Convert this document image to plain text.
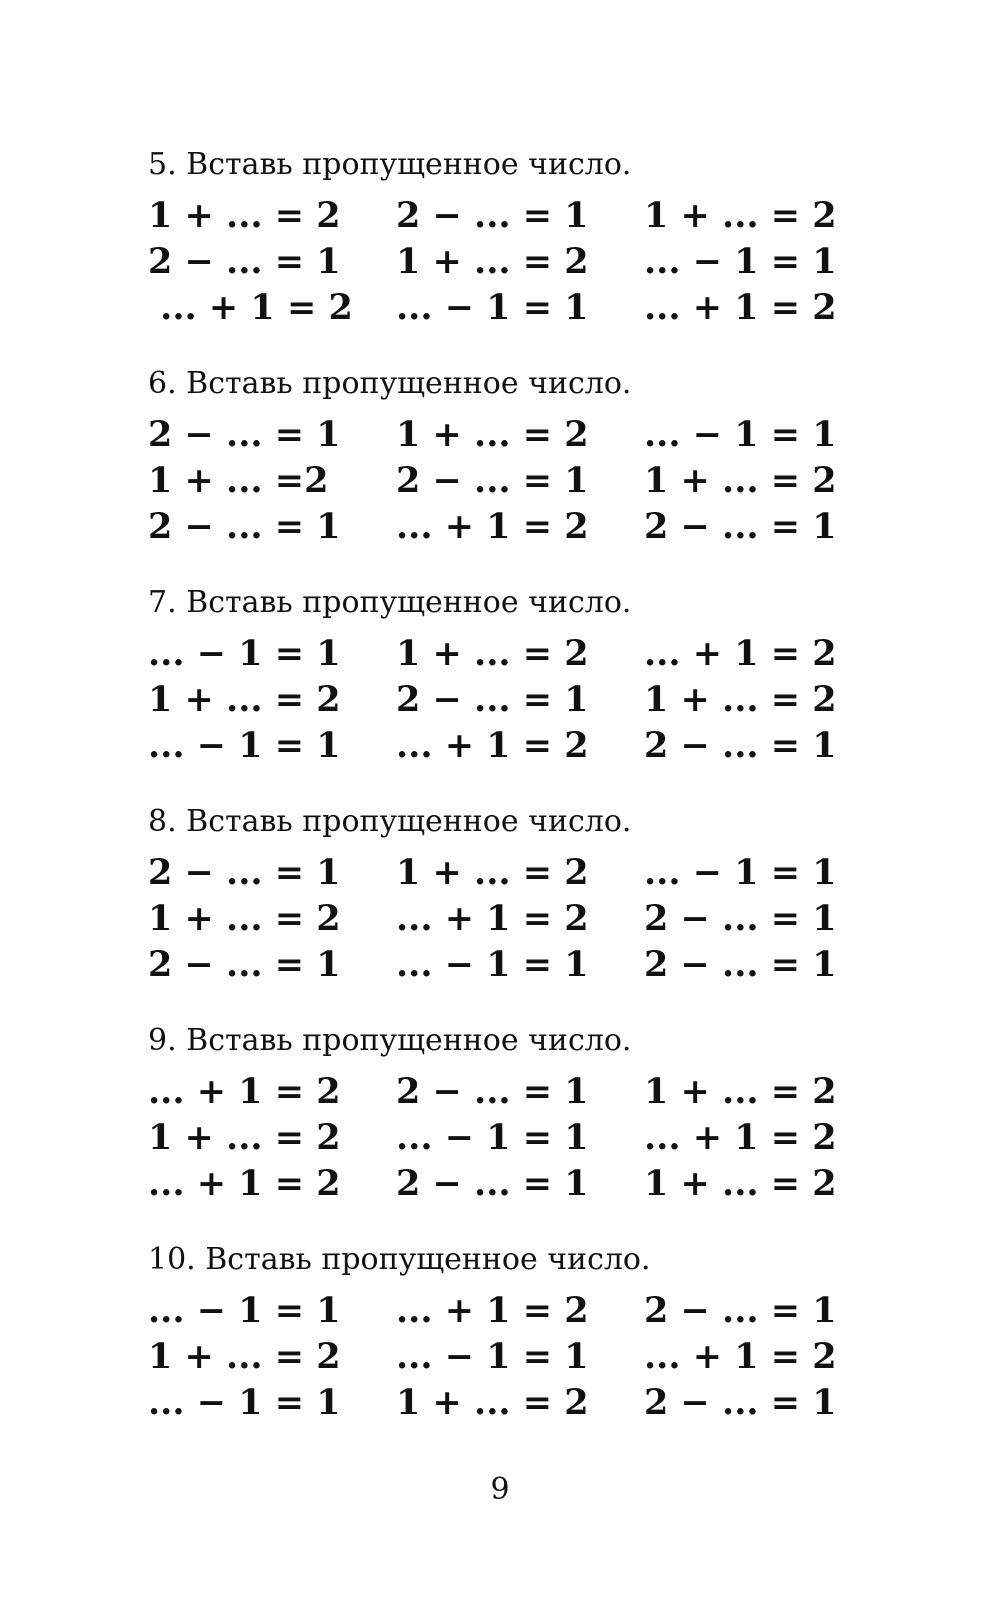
5. Вставь пропущенное число.
1 + ... = 2	2 − ... = 1	1 + ... = 2
2 − ... = 1	1 + ... = 2	... − 1 = 1
... + 1 = 2	... − 1 = 1	... + 1 = 2
6. Вставь пропущенное число.
2 − ... = 1	1 + ... = 2	... − 1 = 1
1 + ... =2	2 − ... = 1	1 + ... = 2
2 − ... = 1	... + 1 = 2	2 − ... = 1
7. Вставь пропущенное число.
... − 1 = 1	1 + ... = 2	... + 1 = 2
1 + ... = 2	2 − ... = 1	1 + ... = 2
... − 1 = 1	... + 1 = 2	2 − ... = 1
8. Вставь пропущенное число.
2 − ... = 1	1 + ... = 2	... − 1 = 1
1 + ... = 2	... + 1 = 2	2 − ... = 1
2 − ... = 1	... − 1 = 1	2 − ... = 1
9. Вставь пропущенное число.
... + 1 = 2	2 − ... = 1	1 + ... = 2
1 + ... = 2	... − 1 = 1	... + 1 = 2
... + 1 = 2	2 − ... = 1	1 + ... = 2
10. Вставь пропущенное число.
... − 1 = 1	... + 1 = 2	2 − ... = 1
1 + ... = 2	... − 1 = 1	... + 1 = 2
... − 1 = 1	1 + ... = 2	2 − ... = 1
9
